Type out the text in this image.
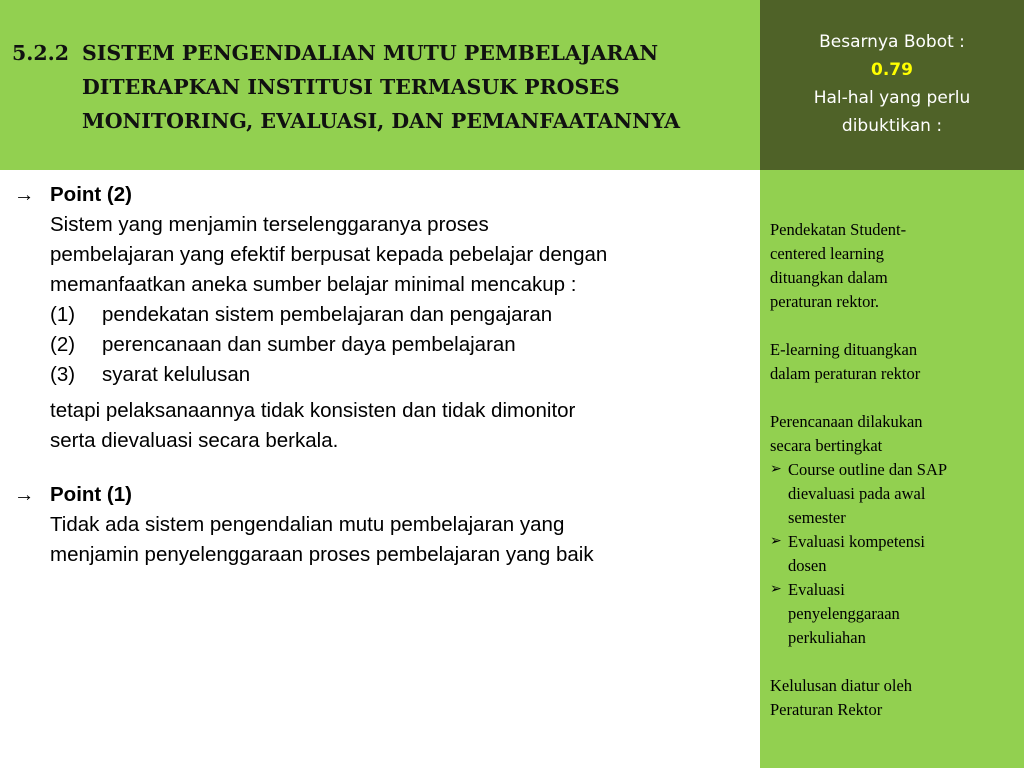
5.2.2 SISTEM PENGENDALIAN MUTU PEMBELAJARAN
DITERAPKAN INSTITUSI TERMASUK PROSES
MONITORING, EVALUASI, DAN PEMANFAATANNYA
Besarnya Bobot :
0.79
Hal-hal yang perlu
dibuktikan :
→ Point (2)
Sistem yang menjamin terselenggaranya proses
pembelajaran yang efektif berpusat kepada pebelajar dengan
memanfaatkan aneka sumber belajar minimal mencakup :
(1) pendekatan sistem pembelajaran dan pengajaran
(2) perencanaan dan sumber daya pembelajaran
(3) syarat kelulusan
tetapi pelaksanaannya tidak konsisten dan tidak dimonitor
serta dievaluasi secara berkala.
→ Point (1)
Tidak ada sistem pengendalian mutu pembelajaran yang
menjamin penyelenggaraan proses pembelajaran yang baik
Pendekatan Student-
centered learning
dituangkan dalam
peraturan rektor.
E-learning dituangkan
dalam peraturan rektor
Perencanaan dilakukan
secara bertingkat
➢ Course outline dan SAP
dievaluasi pada awal
semester
➢ Evaluasi kompetensi
dosen
➢ Evaluasi
penyelenggaraan
perkuliahan
Kelulusan diatur oleh
Peraturan Rektor
